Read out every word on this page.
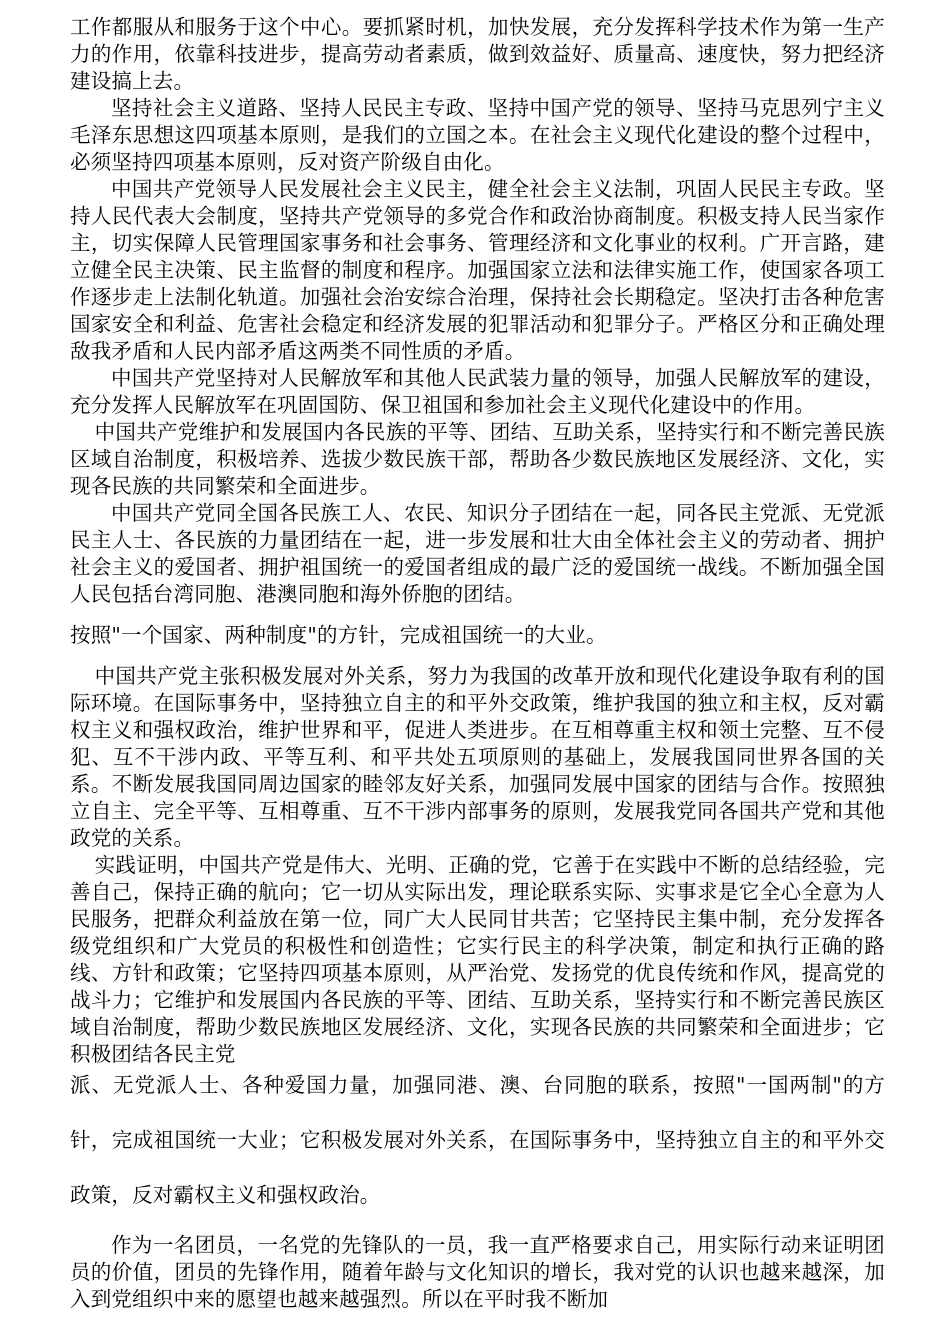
工作都服从和服务于这个中心。要抓紧时机，加快发展，充分发挥科学技术作为第一生产力的作用，依靠科技进步，提高劳动者素质，做到效益好、质量高、速度快，努力把经济建设搞上去。

坚持社会主义道路、坚持人民民主专政、坚持中国产党的领导、坚持马克思列宁主义毛泽东思想这四项基本原则，是我们的立国之本。在社会主义现代化建设的整个过程中，必须坚持四项基本原则，反对资产阶级自由化。

中国共产党领导人民发展社会主义民主，健全社会主义法制，巩固人民民主专政。坚持人民代表大会制度，坚持共产党领导的多党合作和政治协商制度。积极支持人民当家作主，切实保障人民管理国家事务和社会事务、管理经济和文化事业的权利。广开言路，建立健全民主决策、民主监督的制度和程序。加强国家立法和法律实施工作，使国家各项工作逐步走上法制化轨道。加强社会治安综合治理，保持社会长期稳定。坚决打击各种危害国家安全和利益、危害社会稳定和经济发展的犯罪活动和犯罪分子。严格区分和正确处理敌我矛盾和人民内部矛盾这两类不同性质的矛盾。

中国共产党坚持对人民解放军和其他人民武装力量的领导，加强人民解放军的建设，充分发挥人民解放军在巩固国防、保卫祖国和参加社会主义现代化建设中的作用。

中国共产党维护和发展国内各民族的平等、团结、互助关系，坚持实行和不断完善民族区域自治制度，积极培养、选拔少数民族干部，帮助各少数民族地区发展经济、文化，实现各民族的共同繁荣和全面进步。

中国共产党同全国各民族工人、农民、知识分子团结在一起，同各民主党派、无党派民主人士、各民族的力量团结在一起，进一步发展和壮大由全体社会主义的劳动者、拥护社会主义的爱国者、拥护祖国统一的爱国者组成的最广泛的爱国统一战线。不断加强全国人民包括台湾同胞、港澳同胞和海外侨胞的团结。

按照"一个国家、两种制度"的方针，完成祖国统一的大业。

中国共产党主张积极发展对外关系，努力为我国的改革开放和现代化建设争取有利的国际环境。在国际事务中，坚持独立自主的和平外交政策，维护我国的独立和主权，反对霸权主义和强权政治，维护世界和平，促进人类进步。在互相尊重主权和领土完整、互不侵犯、互不干涉内政、平等互利、和平共处五项原则的基础上，发展我国同世界各国的关系。不断发展我国同周边国家的睦邻友好关系，加强同发展中国家的团结与合作。按照独立自主、完全平等、互相尊重、互不干涉内部事务的原则，发展我党同各国共产党和其他政党的关系。

实践证明，中国共产党是伟大、光明、正确的党，它善于在实践中不断的总结经验，完善自己，保持正确的航向；它一切从实际出发，理论联系实际、实事求是它全心全意为人民服务，把群众利益放在第一位，同广大人民同甘共苦；它坚持民主集中制，充分发挥各级党组织和广大党员的积极性和创造性；它实行民主的科学决策，制定和执行正确的路线、方针和政策；它坚持四项基本原则，从严治党、发扬党的优良传统和作风，提高党的战斗力；它维护和发展国内各民族的平等、团结、互助关系，坚持实行和不断完善民族区域自治制度，帮助少数民族地区发展经济、文化，实现各民族的共同繁荣和全面进步；它积极团结各民主党

派、无党派人士、各种爱国力量，加强同港、澳、台同胞的联系，按照"一国两制"的方针，完成祖国统一大业；它积极发展对外关系，在国际事务中，坚持独立自主的和平外交政策，反对霸权主义和强权政治。

作为一名团员，一名党的先锋队的一员，我一直严格要求自己，用实际行动来证明团员的价值，团员的先锋作用，随着年龄与文化知识的增长，我对党的认识也越来越深，加入到党组织中来的愿望也越来越强烈。所以在平时我不断加
